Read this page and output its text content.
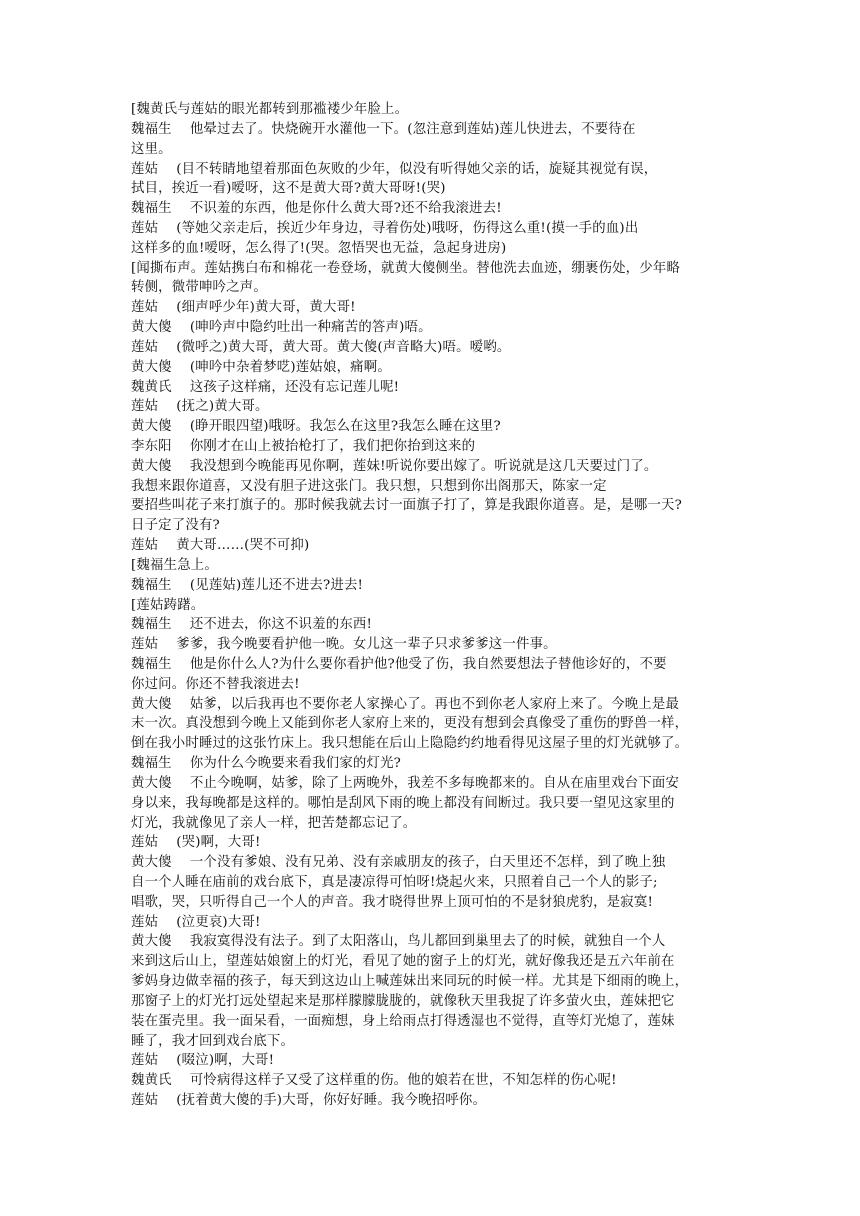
[魏黄氏与莲姑的眼光都转到那褴褛少年脸上。
魏福生　 他晕过去了。快烧碗开水灌他一下。(忽注意到莲姑)莲儿快进去，不要待在
这里。
莲姑　 (目不转睛地望着那面色灰败的少年，似没有听得她父亲的话，旋疑其视觉有误，
拭目，挨近一看)嗳呀，这不是黄大哥?黄大哥呀!(哭)
魏福生　 不识羞的东西，他是你什么黄大哥?还不给我滚进去!
莲姑　 (等她父亲走后，挨近少年身边，寻着伤处)哦呀，伤得这么重!(摸一手的血)出
这样多的血!嗳呀，怎么得了!(哭。忽悟哭也无益，急起身进房)
[闻撕布声。莲姑携白布和棉花一卷登场，就黄大傻侧坐。替他洗去血迹，绷裹伤处，少年略
转侧，微带呻吟之声。
莲姑　 (细声呼少年)黄大哥，黄大哥!
黄大傻　 (呻吟声中隐约吐出一种痛苦的答声)唔。
莲姑　 (微呼之)黄大哥，黄大哥。黄大傻(声音略大)唔。嗳哟。
黄大傻　 (呻吟中杂着梦呓)莲姑娘，痛啊。
魏黄氏　 这孩子这样痛，还没有忘记莲儿呢!
莲姑　 (抚之)黄大哥。
黄大傻　 (睁开眼四望)哦呀。我怎么在这里?我怎么睡在这里?
李东阳　 你刚才在山上被抬枪打了，我们把你抬到这来的
黄大傻　 我没想到今晚能再见你啊，莲妹!听说你要出嫁了。听说就是这几天要过门了。
我想来跟你道喜，又没有胆子进这张门。我只想，只想到你出阁那天，陈家一定
要招些叫花子来打旗子的。那时候我就去讨一面旗子打了，算是我跟你道喜。是，是哪一天?
日子定了没有?
莲姑　 黄大哥……(哭不可抑)
[魏福生急上。
魏福生　 (见莲姑)莲儿还不进去?进去!
[莲姑踌躇。
魏福生　 还不进去，你这不识羞的东西!
莲姑　 爹爹，我今晚要看护他一晚。女儿这一辈子只求爹爹这一件事。
魏福生　 他是你什么人?为什么要你看护他?他受了伤，我自然要想法子替他诊好的，不要
你过问。你还不替我滚进去!
黄大傻　 姑爹，以后我再也不要你老人家操心了。再也不到你老人家府上来了。今晚上是最
末一次。真没想到今晚上又能到你老人家府上来的，更没有想到会真像受了重伤的野兽一样，
倒在我小时睡过的这张竹床上。我只想能在后山上隐隐约约地看得见这屋子里的灯光就够了。
魏福生　 你为什么今晚要来看我们家的灯光?
黄大傻　 不止今晚啊，姑爹，除了上两晚外，我差不多每晚都来的。自从在庙里戏台下面安
身以来，我每晚都是这样的。哪怕是刮风下雨的晚上都没有间断过。我只要一望见这家里的
灯光，我就像见了亲人一样，把苦楚都忘记了。
莲姑　 (哭)啊，大哥!
黄大傻　 一个没有爹娘、没有兄弟、没有亲戚朋友的孩子，白天里还不怎样，到了晚上独
自一个人睡在庙前的戏台底下，真是凄凉得可怕呀!烧起火来，只照着自己一个人的影子;
唱歌，哭，只听得自己一个人的声音。我才晓得世界上顶可怕的不是豺狼虎豹，是寂寞!
莲姑　 (泣更哀)大哥!
黄大傻　 我寂寞得没有法子。到了太阳落山，鸟儿都回到巢里去了的时候，就独自一个人
来到这后山上，望莲姑娘窗上的灯光，看见了她的窗子上的灯光，就好像我还是五六年前在
爹妈身边做幸福的孩子，每天到这边山上喊莲妹出来同玩的时候一样。尤其是下细雨的晚上，
那窗子上的灯光打远处望起来是那样朦朦胧胧的，就像秋天里我捉了许多萤火虫，莲妹把它
装在蛋壳里。我一面呆看，一面痴想，身上给雨点打得透湿也不觉得，直等灯光熄了，莲妹
睡了，我才回到戏台底下。
莲姑　 (啜泣)啊，大哥!
魏黄氏　 可怜病得这样子又受了这样重的伤。他的娘若在世，不知怎样的伤心呢!
莲姑　 (抚着黄大傻的手)大哥，你好好睡。我今晚招呼你。
